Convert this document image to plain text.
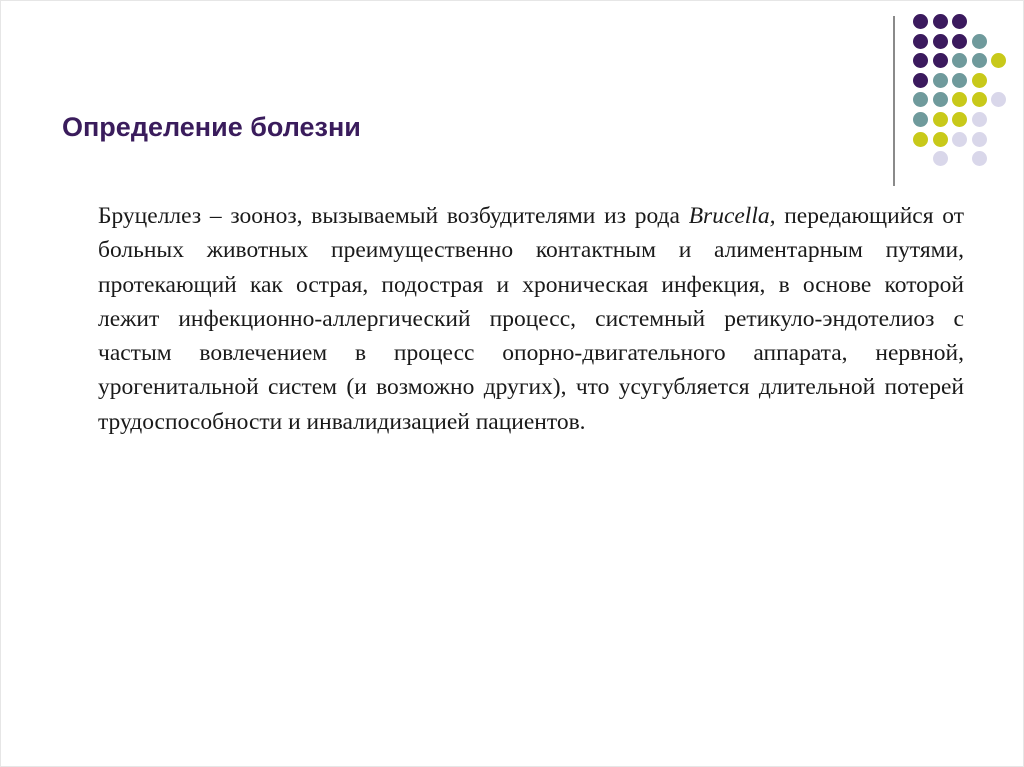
Определение болезни
Бруцеллез – зооноз, вызываемый возбудителями из рода Brucella, передающийся от больных животных преимущественно контактным и алиментарным путями, протекающий как острая, подострая и хроническая инфекция, в основе которой лежит инфекционно-аллергический процесс, системный ретикуло-эндотелиоз с частым вовлечением в процесс опорно-двигательного аппарата, нервной, урогенитальной систем (и возможно других), что усугубляется длительной потерей трудоспособности и инвалидизацией пациентов.
